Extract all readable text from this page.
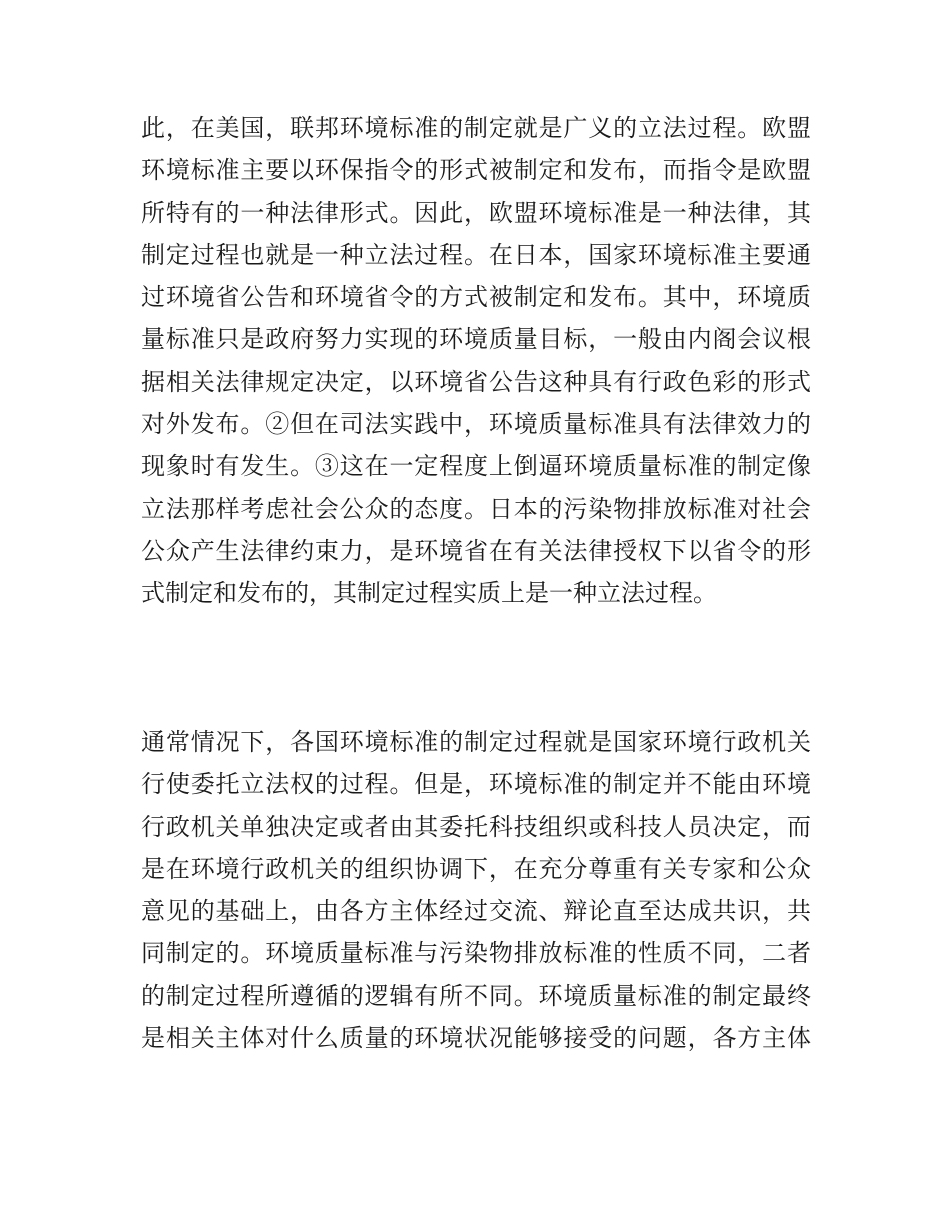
此，在美国，联邦环境标准的制定就是广义的立法过程。欧盟
环境标准主要以环保指令的形式被制定和发布，而指令是欧盟
所特有的一种法律形式。因此，欧盟环境标准是一种法律，其
制定过程也就是一种立法过程。在日本，国家环境标准主要通
过环境省公告和环境省令的方式被制定和发布。其中，环境质
量标准只是政府努力实现的环境质量目标，一般由内阁会议根
据相关法律规定决定，以环境省公告这种具有行政色彩的形式
对外发布。②但在司法实践中，环境质量标准具有法律效力的
现象时有发生。③这在一定程度上倒逼环境质量标准的制定像
立法那样考虑社会公众的态度。日本的污染物排放标准对社会
公众产生法律约束力，是环境省在有关法律授权下以省令的形
式制定和发布的，其制定过程实质上是一种立法过程。
通常情况下，各国环境标准的制定过程就是国家环境行政机关
行使委托立法权的过程。但是，环境标准的制定并不能由环境
行政机关单独决定或者由其委托科技组织或科技人员决定，而
是在环境行政机关的组织协调下，在充分尊重有关专家和公众
意见的基础上，由各方主体经过交流、辩论直至达成共识，共
同制定的。环境质量标准与污染物排放标准的性质不同，二者
的制定过程所遵循的逻辑有所不同。环境质量标准的制定最终
是相关主体对什么质量的环境状况能够接受的问题，各方主体
